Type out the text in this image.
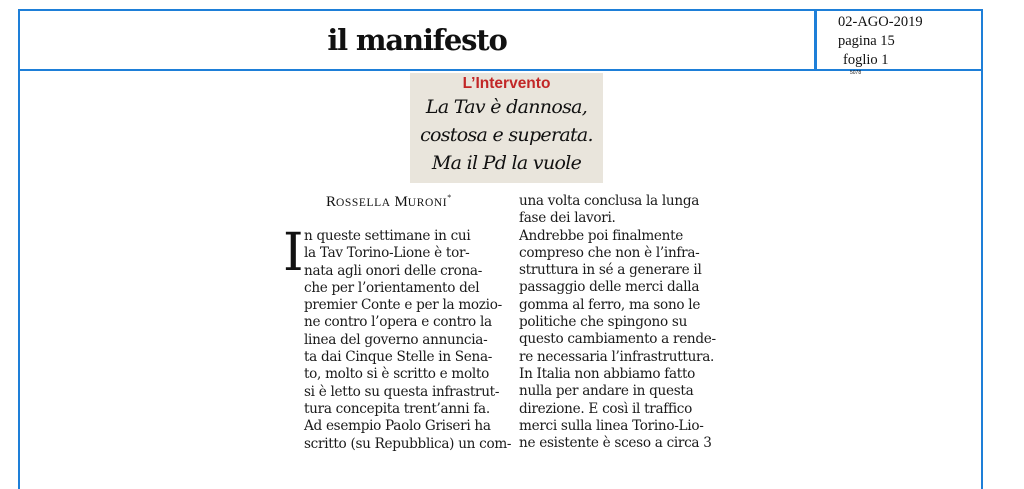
il manifesto
02-AGO-2019
pagina 15
foglio 1
5078
L’Intervento
La Tav è dannosa,
costosa e superata.
Ma il Pd la vuole
ROSSELLA MURONI*
I n queste settimane in cui
la Tav Torino-Lione è tor-
nata agli onori delle crona-
che per l’orientamento del
premier Conte e per la mozio-
ne contro l’opera e contro la
linea del governo annuncia-
ta dai Cinque Stelle in Sena-
to, molto si è scritto e molto
si è letto su questa infrastrut-
tura concepita trent’anni fa.
Ad esempio Paolo Griseri ha
scritto (su Repubblica) un com-
una volta conclusa la lunga
fase dei lavori.
Andrebbe poi finalmente
compreso che non è l’infra-
struttura in sé a generare il
passaggio delle merci dalla
gomma al ferro, ma sono le
politiche che spingono su
questo cambiamento a rende-
re necessaria l’infrastruttura.
In Italia non abbiamo fatto
nulla per andare in questa
direzione. E così il traffico
merci sulla linea Torino-Lio-
ne esistente è sceso a circa 3
